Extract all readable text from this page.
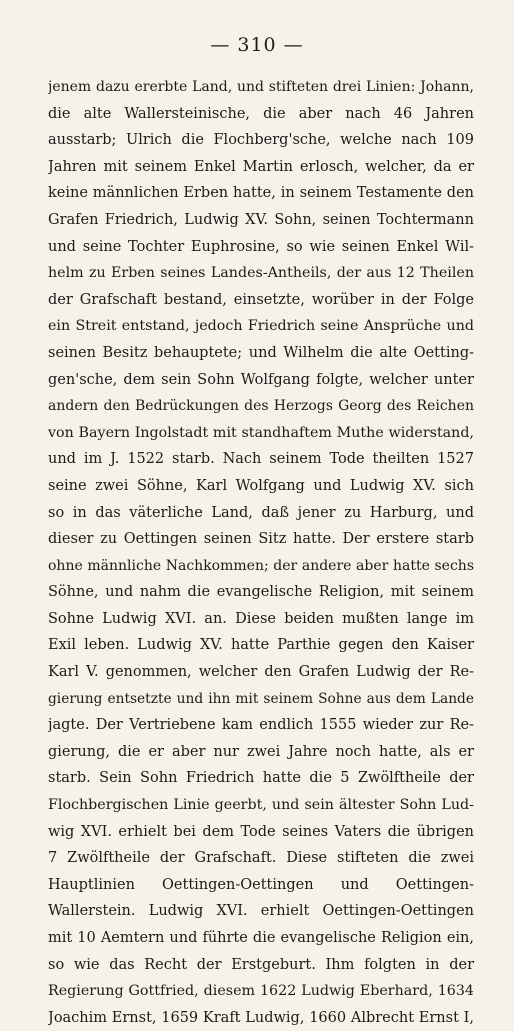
— 310 —
jenem dazu ererbte Land, und stifteten drei Linien: Johann,
die alte Wallersteinische, die aber nach 46 Jahren
ausstarb; Ulrich die Flochberg'sche, welche nach 109
Jahren mit seinem Enkel Martin erlosch, welcher, da er
keine männlichen Erben hatte, in seinem Testamente den
Grafen Friedrich, Ludwig XV. Sohn, seinen Tochtermann
und seine Tochter Euphrosine, so wie seinen Enkel Wil-
helm zu Erben seines Landes-Antheils, der aus 12 Theilen
der Grafschaft bestand, einsetzte, worüber in der Folge
ein Streit entstand, jedoch Friedrich seine Ansprüche und
seinen Besitz behauptete; und Wilhelm die alte Oetting-
gen'sche, dem sein Sohn Wolfgang folgte, welcher unter
andern den Bedrückungen des Herzogs Georg des Reichen
von Bayern Ingolstadt mit standhaftem Muthe widerstand,
und im J. 1522 starb. Nach seinem Tode theilten 1527
seine zwei Söhne, Karl Wolfgang und Ludwig XV. sich
so in das väterliche Land, daß jener zu Harburg, und
dieser zu Oettingen seinen Sitz hatte. Der erstere starb
ohne männliche Nachkommen; der andere aber hatte sechs
Söhne, und nahm die evangelische Religion, mit seinem
Sohne Ludwig XVI. an. Diese beiden mußten lange im
Exil leben. Ludwig XV. hatte Parthie gegen den Kaiser
Karl V. genommen, welcher den Grafen Ludwig der Re-
gierung entsetzte und ihn mit seinem Sohne aus dem Lande
jagte. Der Vertriebene kam endlich 1555 wieder zur Re-
gierung, die er aber nur zwei Jahre noch hatte, als er
starb. Sein Sohn Friedrich hatte die 5 Zwölftheile der
Flochbergischen Linie geerbt, und sein ältester Sohn Lud-
wig XVI. erhielt bei dem Tode seines Vaters die übrigen
7 Zwölftheile der Grafschaft. Diese stifteten die zwei
Hauptlinien Oettingen-Oettingen und Oettingen-
Wallerstein. Ludwig XVI. erhielt Oettingen-Oettingen
mit 10 Aemtern und führte die evangelische Religion ein,
so wie das Recht der Erstgeburt. Ihm folgten in der
Regierung Gottfried, diesem 1622 Ludwig Eberhard, 1634
Joachim Ernst, 1659 Kraft Ludwig, 1660 Albrecht Ernst I,
